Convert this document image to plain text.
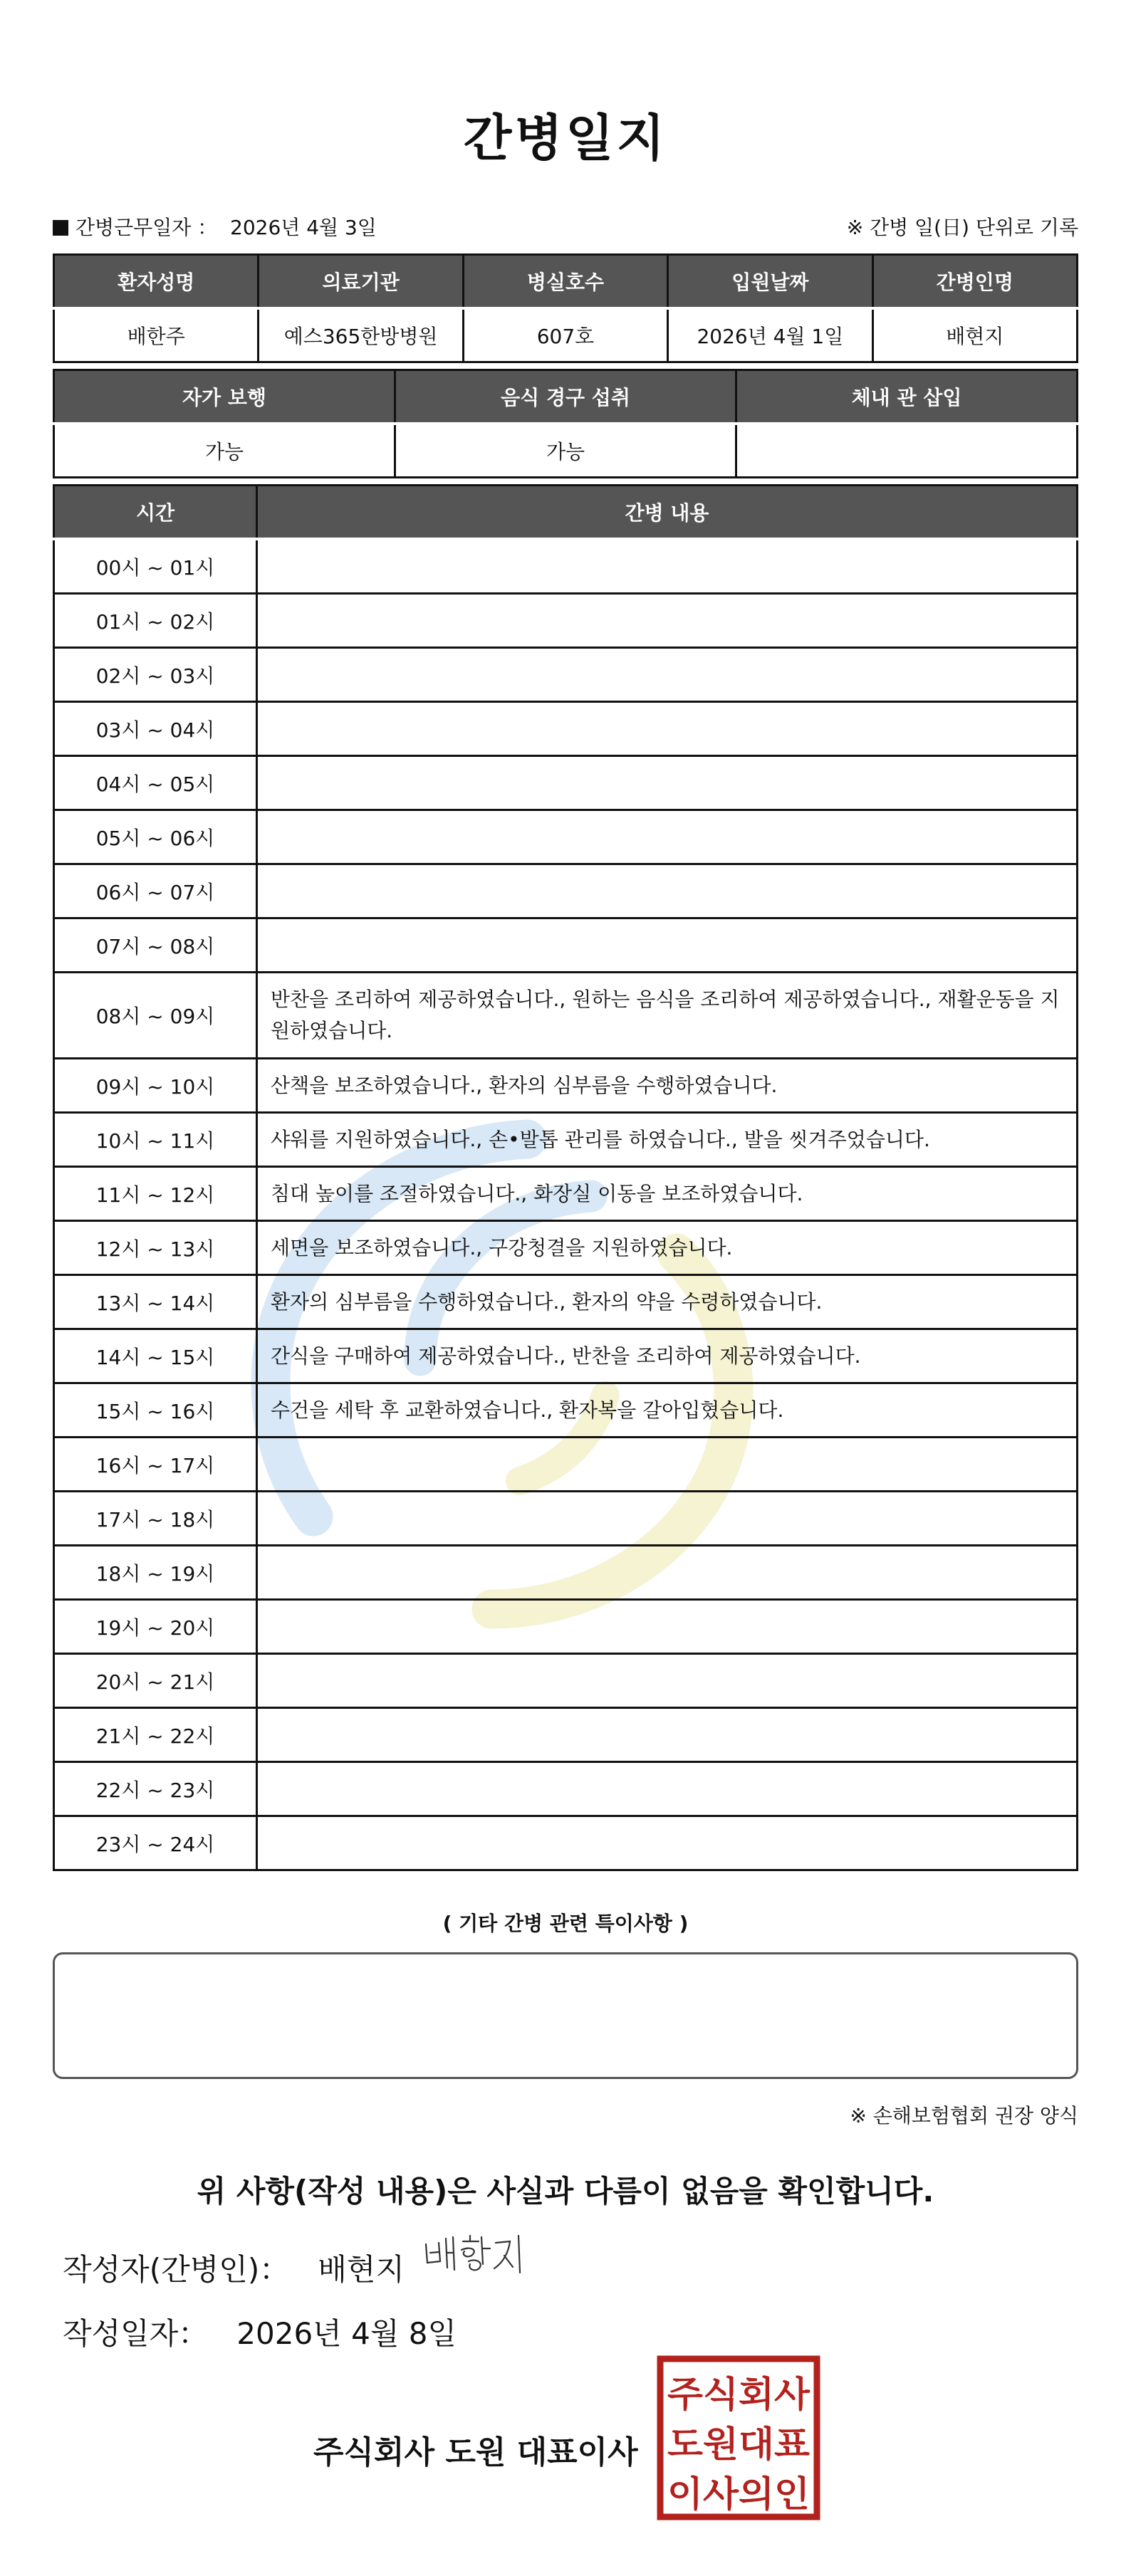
간병일지
간병근무일자 ： 2026년 4월 3일	※ 간병 일(日) 단위로 기록
환자성명	의료기관	병실호수	입원날짜	간병인명
배한주	예스365한방병원	607호	2026년 4월 1일	배현지
자가 보행	음식 경구 섭취	체내 관 삽입
가능	가능	
시간	간병 내용
00시 ~ 01시	
01시 ~ 02시	
02시 ~ 03시	
03시 ~ 04시	
04시 ~ 05시	
05시 ~ 06시	
06시 ~ 07시	
07시 ~ 08시	
08시 ~ 09시	반찬을 조리하여 제공하였습니다., 원하는 음식을 조리하여 제공하였습니다., 재활운동을 지원하였습니다.
09시 ~ 10시	산책을 보조하였습니다., 환자의 심부름을 수행하였습니다.
10시 ~ 11시	샤워를 지원하였습니다., 손•발톱 관리를 하였습니다., 발을 씻겨주었습니다.
11시 ~ 12시	침대 높이를 조절하였습니다., 화장실 이동을 보조하였습니다.
12시 ~ 13시	세면을 보조하였습니다., 구강청결을 지원하였습니다.
13시 ~ 14시	환자의 심부름을 수행하였습니다., 환자의 약을 수령하였습니다.
14시 ~ 15시	간식을 구매하여 제공하였습니다., 반찬을 조리하여 제공하였습니다.
15시 ~ 16시	수건을 세탁 후 교환하였습니다., 환자복을 갈아입혔습니다.
16시 ~ 17시	
17시 ~ 18시	
18시 ~ 19시	
19시 ~ 20시	
20시 ~ 21시	
21시 ~ 22시	
22시 ~ 23시	
23시 ~ 24시	
( 기타 간병 관련 특이사항 )
※ 손해보험협회 권장 양식
위 사항(작성 내용)은 사실과 다름이 없음을 확인합니다.
작성자(간병인)： 배현지
작성일자： 2026년 4월 8일
주식회사 도원 대표이사
주식회사
도원대표
이사의인
